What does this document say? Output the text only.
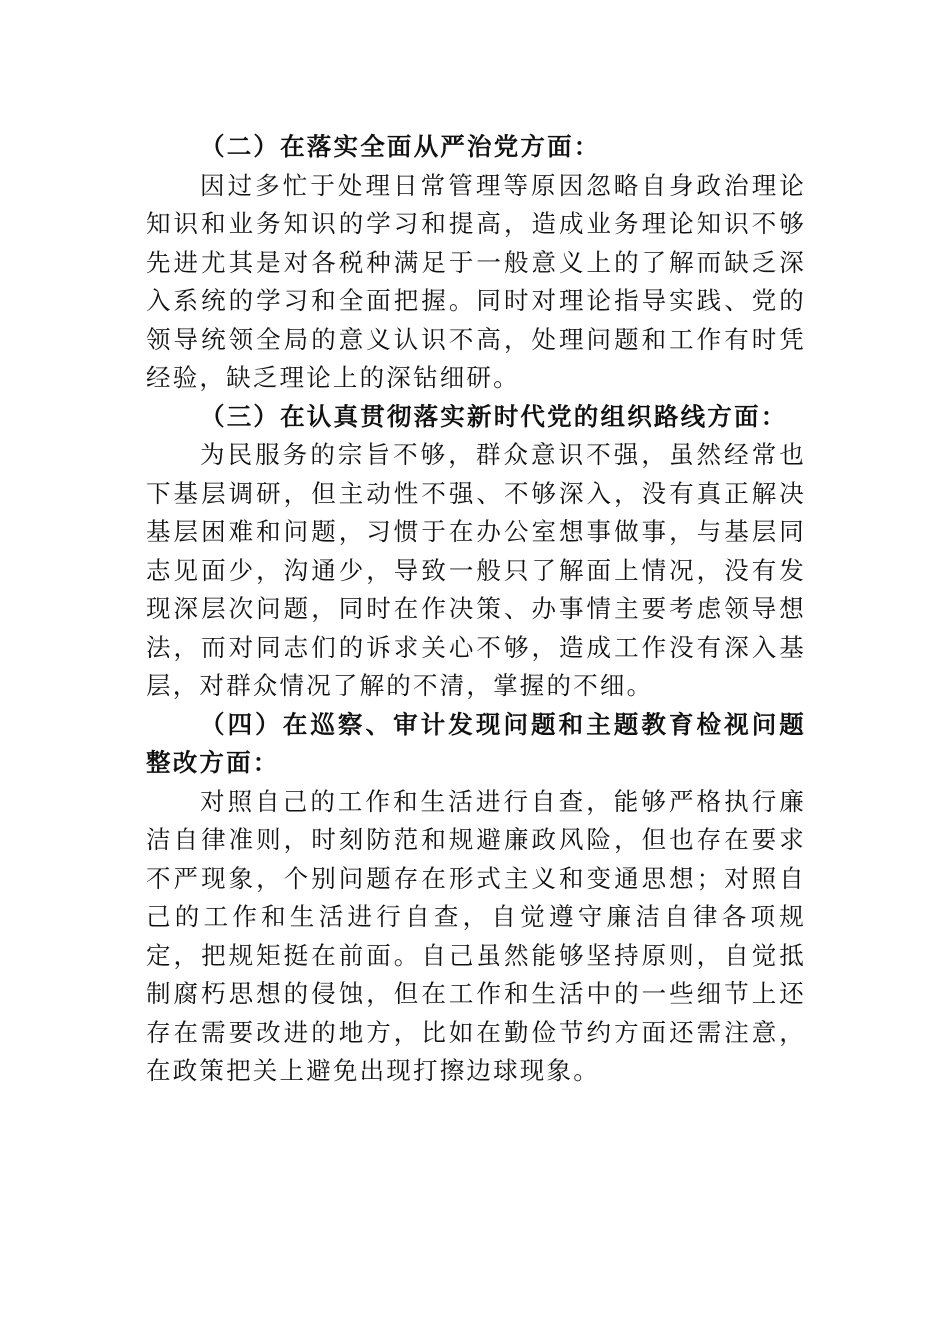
（二）在落实全面从严治党方面：

因过多忙于处理日常管理等原因忽略自身政治理论知识和业务知识的学习和提高，造成业务理论知识不够先进尤其是对各税种满足于一般意义上的了解而缺乏深入系统的学习和全面把握。同时对理论指导实践、党的领导统领全局的意义认识不高，处理问题和工作有时凭经验，缺乏理论上的深钻细研。

（三）在认真贯彻落实新时代党的组织路线方面：

为民服务的宗旨不够，群众意识不强，虽然经常也下基层调研，但主动性不强、不够深入，没有真正解决基层困难和问题，习惯于在办公室想事做事，与基层同志见面少，沟通少，导致一般只了解面上情况，没有发现深层次问题，同时在作决策、办事情主要考虑领导想法，而对同志们的诉求关心不够，造成工作没有深入基层，对群众情况了解的不清，掌握的不细。

（四）在巡察、审计发现问题和主题教育检视问题整改方面：

对照自己的工作和生活进行自查，能够严格执行廉洁自律准则，时刻防范和规避廉政风险，但也存在要求不严现象，个别问题存在形式主义和变通思想；对照自己的工作和生活进行自查，自觉遵守廉洁自律各项规定，把规矩挺在前面。自己虽然能够坚持原则，自觉抵制腐朽思想的侵蚀，但在工作和生活中的一些细节上还存在需要改进的地方，比如在勤俭节约方面还需注意，在政策把关上避免出现打擦边球现象。
